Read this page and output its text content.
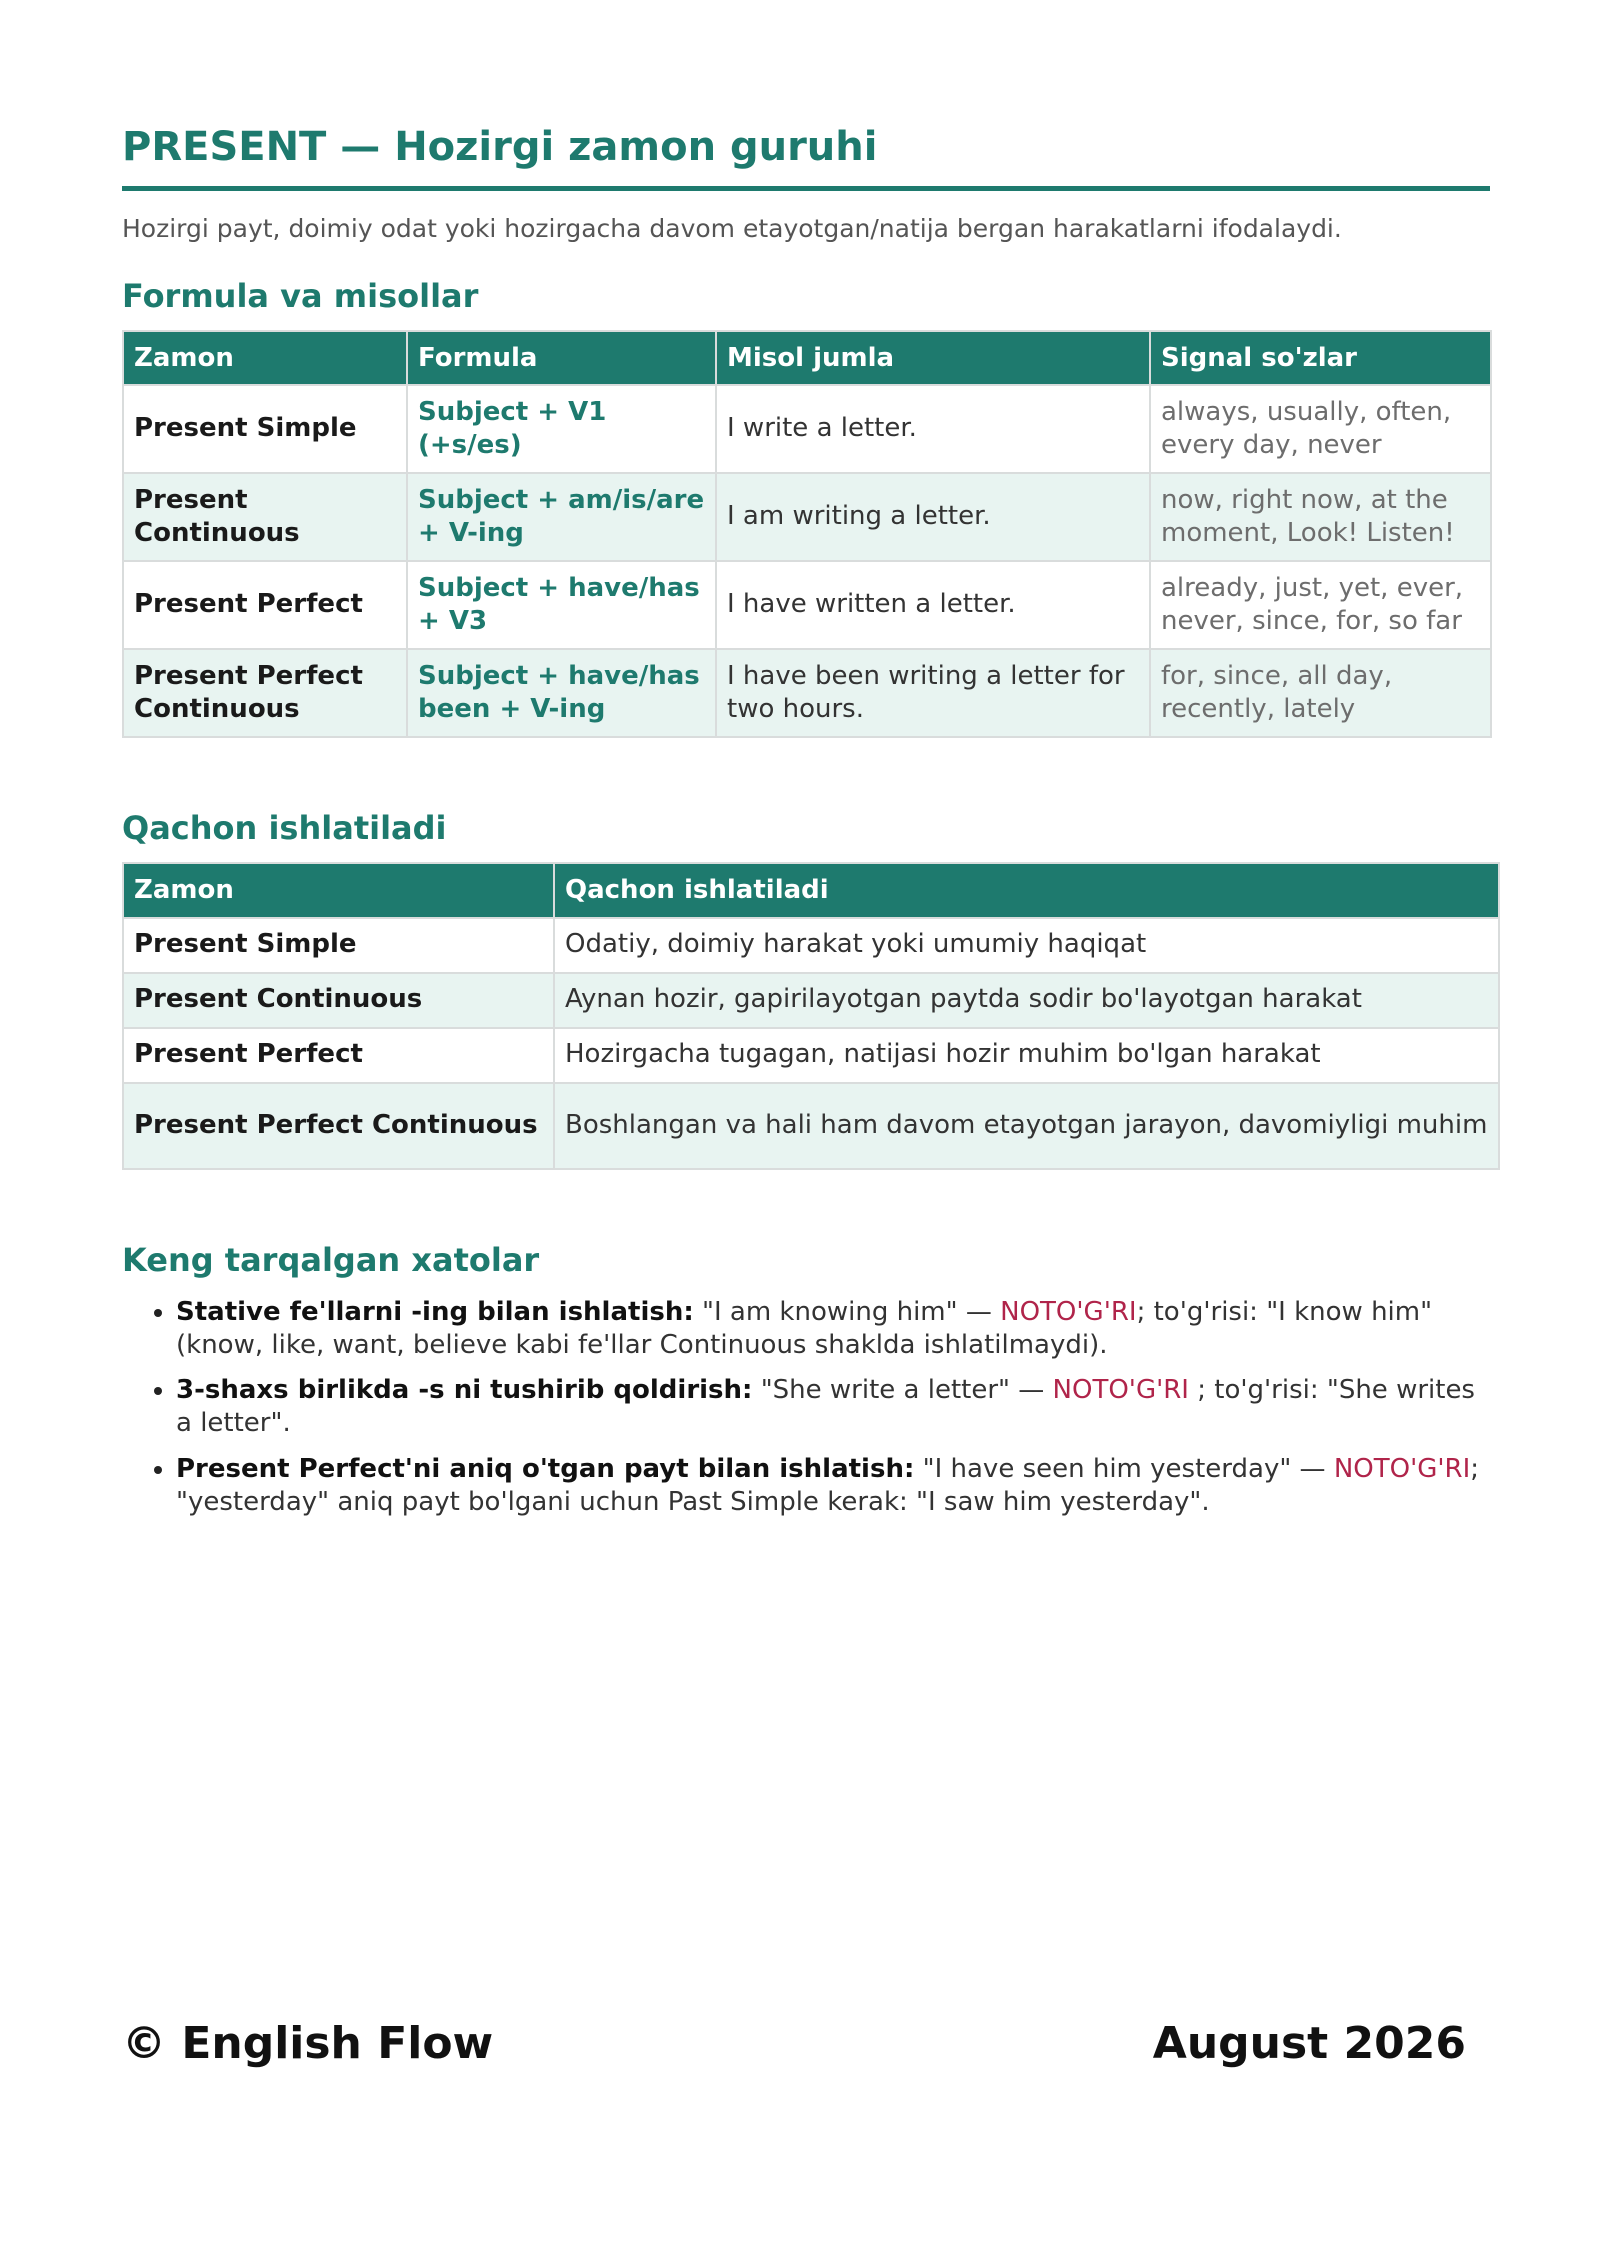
PRESENT — Hozirgi zamon guruhi

Hozirgi payt, doimiy odat yoki hozirgacha davom etayotgan/natija bergan harakatlarni ifodalaydi.

Formula va misollar
Zamon	Formula	Misol jumla	Signal so'zlar
Present Simple	Subject + V1 (+s/es)	I write a letter.	always, usually, often, every day, never
Present Continuous	Subject + am/is/are + V-ing	I am writing a letter.	now, right now, at the moment, Look! Listen!
Present Perfect	Subject + have/has + V3	I have written a letter.	already, just, yet, ever, never, since, for, so far
Present Perfect Continuous	Subject + have/has been + V-ing	I have been writing a letter for two hours.	for, since, all day, recently, lately
Qachon ishlatiladi
Zamon	Qachon ishlatiladi
Present Simple	Odatiy, doimiy harakat yoki umumiy haqiqat
Present Continuous	Aynan hozir, gapirilayotgan paytda sodir bo'layotgan harakat
Present Perfect	Hozirgacha tugagan, natijasi hozir muhim bo'lgan harakat
Present Perfect Continuous	Boshlangan va hali ham davom etayotgan jarayon, davomiyligi muhim
Keng tarqalgan xatolar
• Stative fe'llarni -ing bilan ishlatish: "I am knowing him" — NOTO'G'RI; to'g'risi: "I know him" (know, like, want, believe kabi fe'llar Continuous shaklda ishlatilmaydi).
• 3-shaxs birlikda -s ni tushirib qoldirish: "She write a letter" — NOTO'G'RI ; to'g'risi: "She writes a letter".
• Present Perfect'ni aniq o'tgan payt bilan ishlatish: "I have seen him yesterday" — NOTO'G'RI; "yesterday" aniq payt bo'lgani uchun Past Simple kerak: "I saw him yesterday".
© English Flow	August 2026
